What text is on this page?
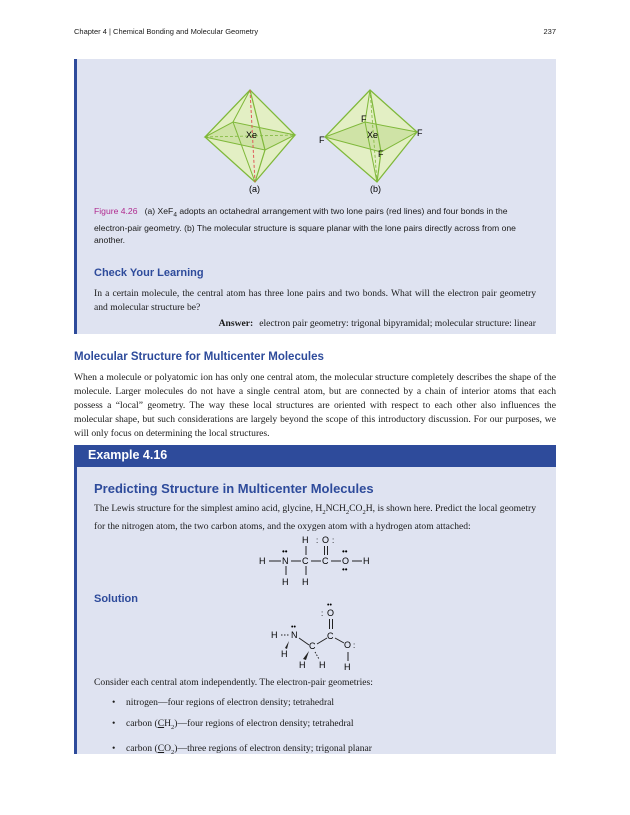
Chapter 4 | Chemical Bonding and Molecular Geometry	237
Xe	Xe
F
F
F
F
(a)	(b)
Figure 4.26 (a) XeF$_4$ adopts an octahedral arrangement with two lone pairs (red lines) and four bonds in the electron-pair geometry. (b) The molecular structure is square planar with the lone pairs directly across from one another.
Check Your Learning
In a certain molecule, the central atom has three lone pairs and two bonds. What will the electron pair geometry and molecular structure be?
Answer: electron pair geometry: trigonal bipyramidal; molecular structure: linear
Molecular Structure for Multicenter Molecules
When a molecule or polyatomic ion has only one central atom, the molecular structure completely describes the shape of the molecule. Larger molecules do not have a single central atom, but are connected by a chain of interior atoms that each possess a “local” geometry. The way these local structures are oriented with respect to each other also influences the molecular shape, but such considerations are largely beyond the scope of this introductory discussion. For our purposes, we will only focus on determining the local structures.
Example 4.16
Predicting Structure in Multicenter Molecules
The Lewis structure for the simplest amino acid, glycine, $H_2NCH_2CO_2H$, is shown here. Predict the local geometry for the nitrogen atom, the two carbon atoms, and the oxygen atom with a hydrogen atom attached:
H N
••
H
C
H
H
C
O
: :
O
••
••
H
Solution
O
••
:
C
H N
••
H
C
H H
O :
H
Consider each central atom independently. The electron-pair geometries:
• nitrogen—four regions of electron density; tetrahedral
• carbon $(CH_2)—four$ regions of electron density; tetrahedral
• carbon $(CO_2)—three$ regions of electron density; trigonal planar
